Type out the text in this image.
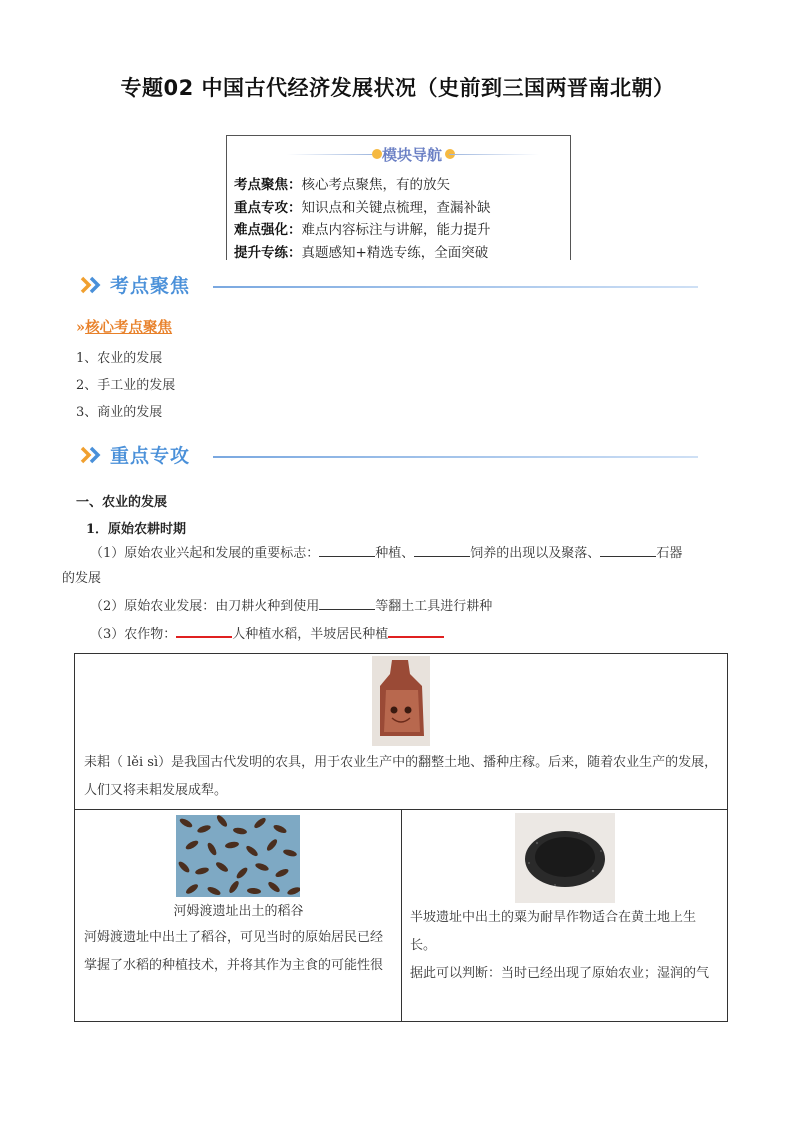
专题02 中国古代经济发展状况（史前到三国两晋南北朝）
模块导航
考点聚焦：核心考点聚焦，有的放矢
重点专攻：知识点和关键点梳理，查漏补缺
难点强化：难点内容标注与讲解，能力提升
提升专练：真题感知+精选专练，全面突破
考点聚焦
»核心考点聚焦
1、农业的发展
2、手工业的发展
3、商业的发展
重点专攻
一、农业的发展
1．原始农耕时期
（1）原始农业兴起和发展的重要标志：	种植、	饲养的出现以及聚落、	石器
的发展
（2）原始农业发展：由刀耕火种到使用	等翻土工具进行耕种
（3）农作物：	人种植水稻，半坡居民种植
耒耜（ lěi sì）是我国古代发明的农具，用于农业生产中的翻整土地、播种庄稼。后来，随着农业生产的发展，人们又将耒耜发展成犁。
河姆渡遗址出土的稻谷
河姆渡遗址中出土了稻谷，可见当时的原始居民已经掌握了水稻的种植技术，并将其作为主食的可能性很
半坡遗址中出土的粟为耐旱作物适合在黄土地上生长。
据此可以判断：当时已经出现了原始农业；湿润的气
